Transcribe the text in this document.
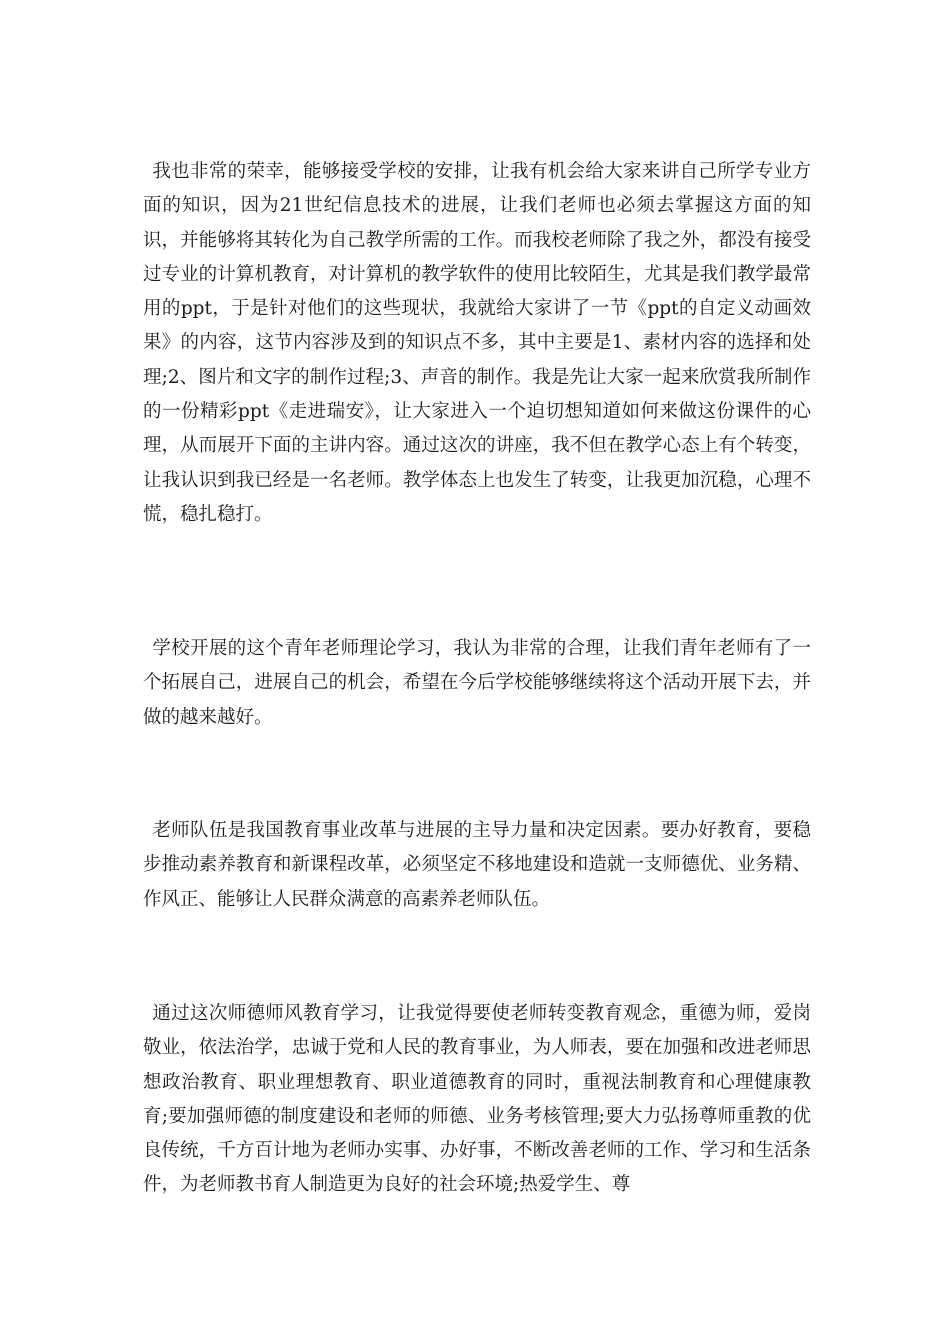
我也非常的荣幸，能够接受学校的安排，让我有机会给大家来讲自己所学专业方面的知识，因为21世纪信息技术的进展，让我们老师也必须去掌握这方面的知识，并能够将其转化为自己教学所需的工作。而我校老师除了我之外，都没有接受过专业的计算机教育，对计算机的教学软件的使用比较陌生，尤其是我们教学最常用的ppt，于是针对他们的这些现状，我就给大家讲了一节《ppt的自定义动画效果》的内容，这节内容涉及到的知识点不多，其中主要是1、素材内容的选择和处理;2、图片和文字的制作过程;3、声音的制作。我是先让大家一起来欣赏我所制作的一份精彩ppt《走进瑞安》，让大家进入一个迫切想知道如何来做这份课件的心理，从而展开下面的主讲内容。通过这次的讲座，我不但在教学心态上有个转变，让我认识到我已经是一名老师。教学体态上也发生了转变，让我更加沉稳，心理不慌，稳扎稳打。

学校开展的这个青年老师理论学习，我认为非常的合理，让我们青年老师有了一个拓展自己，进展自己的机会，希望在今后学校能够继续将这个活动开展下去，并做的越来越好。

老师队伍是我国教育事业改革与进展的主导力量和决定因素。要办好教育，要稳步推动素养教育和新课程改革，必须坚定不移地建设和造就一支师德优、业务精、作风正、能够让人民群众满意的高素养老师队伍。

通过这次师德师风教育学习，让我觉得要使老师转变教育观念，重德为师，爱岗敬业，依法治学，忠诚于党和人民的教育事业，为人师表，要在加强和改进老师思想政治教育、职业理想教育、职业道德教育的同时，重视法制教育和心理健康教育;要加强师德的制度建设和老师的师德、业务考核管理;要大力弘扬尊师重教的优良传统，千方百计地为老师办实事、办好事，不断改善老师的工作、学习和生活条件，为老师教书育人制造更为良好的社会环境;热爱学生、尊
